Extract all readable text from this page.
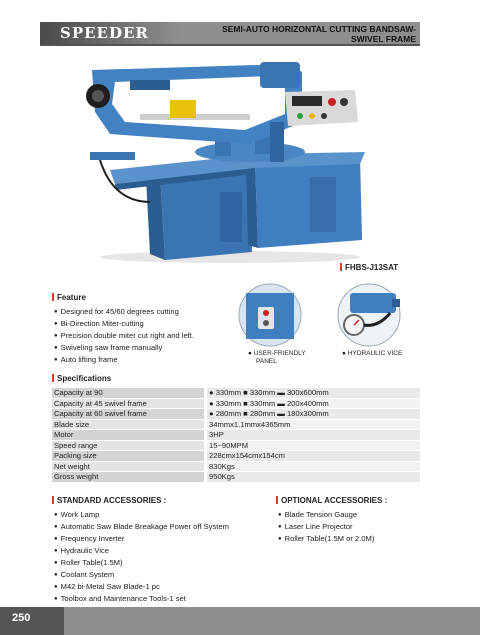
SPEEDER	SEMI-AUTO HORIZONTAL CUTTING BANDSAW-
SWIVEL FRAME
FHBS-J13SAT
Feature
● Designed for 45/60 degrees cutting
● Bi-Direction Miter-cutting
● Precision double miter cut right and left.
● Swiveling saw frame manually
● Auto lifting frame
● USER-FRIENDLY
PANEL
● HYDRAULIC VICE
Specifications
Capacity at 90		● 330mm ■ 330mm ▬ 300x600mm
Capacity at 45 swivel frame		● 330mm ■ 330mm ▬ 200x400mm
Capacity at 60 swivel frame		● 280mm ■ 280mm ▬ 180x300mm
Blade size		34mmx1.1mmx4365mm
Motor		3HP
Speed range		15~90MPM
Packing size		228cmx154cmx154cm
Net weight		830Kgs
Gross weight		950Kgs
STANDARD ACCESSORIES :
● Work Lamp
● Automatic Saw Blade Breakage Power off System
● Frequency Inverter
● Hydraulic Vice
● Roller Table(1.5M)
● Coolant System
● M42 bi-Metal Saw Blade-1 pc
● Toolbox and Maintenance Tools-1 set
OPTIONAL ACCESSORIES :
● Blade Tension Gauge
● Laser Line Projector
● Roller Table(1.5M or 2.0M)
250
